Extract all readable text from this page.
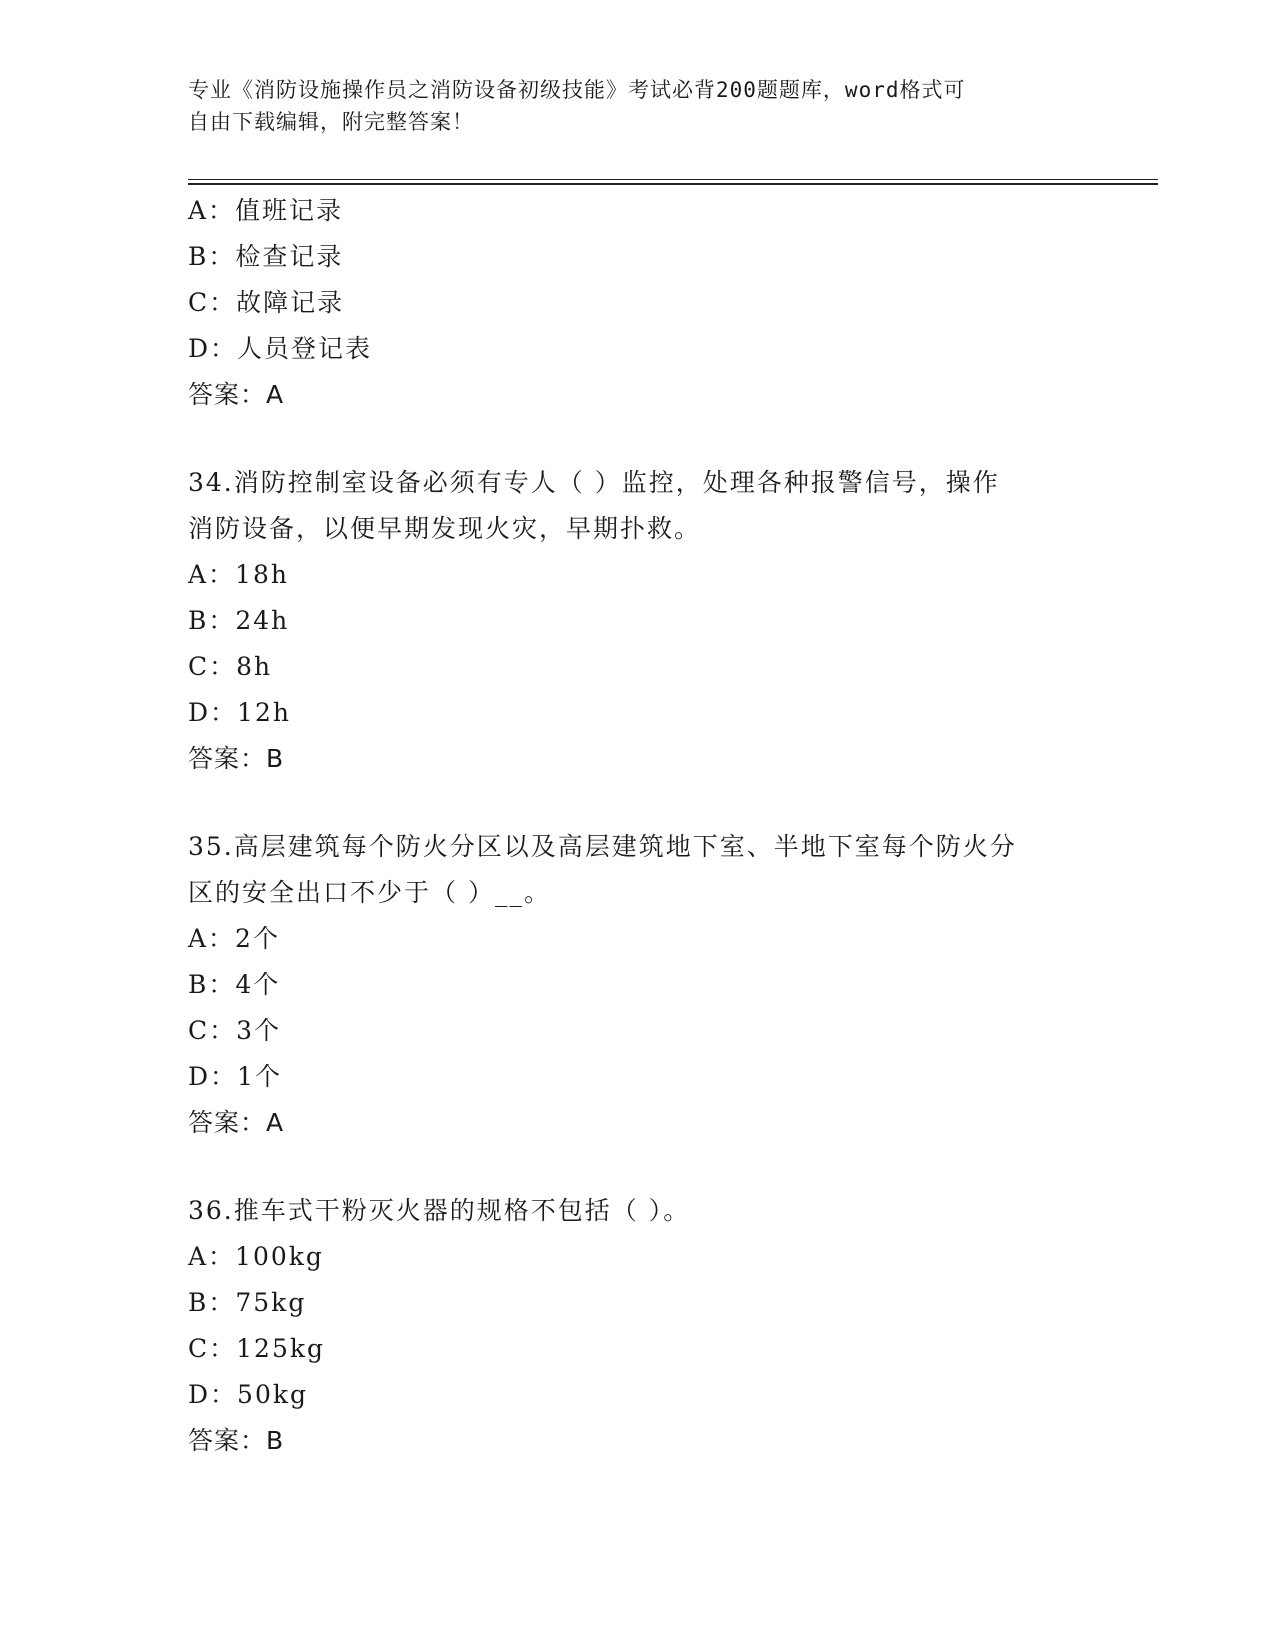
专业《消防设施操作员之消防设备初级技能》考试必背200题题库，word格式可
自由下载编辑，附完整答案！
A：值班记录
B：检查记录
C：故障记录
D：人员登记表
答案：A
34.消防控制室设备必须有专人（ ）监控，处理各种报警信号，操作
消防设备，以便早期发现火灾，早期扑救。
A：18h
B：24h
C：8h
D：12h
答案：B
35.高层建筑每个防火分区以及高层建筑地下室、半地下室每个防火分
区的安全出口不少于（ ）__。
A：2个
B：4个
C：3个
D：1个
答案：A
36.推车式干粉灭火器的规格不包括（ ）。
A：100kg
B：75kg
C：125kg
D：50kg
答案：B
